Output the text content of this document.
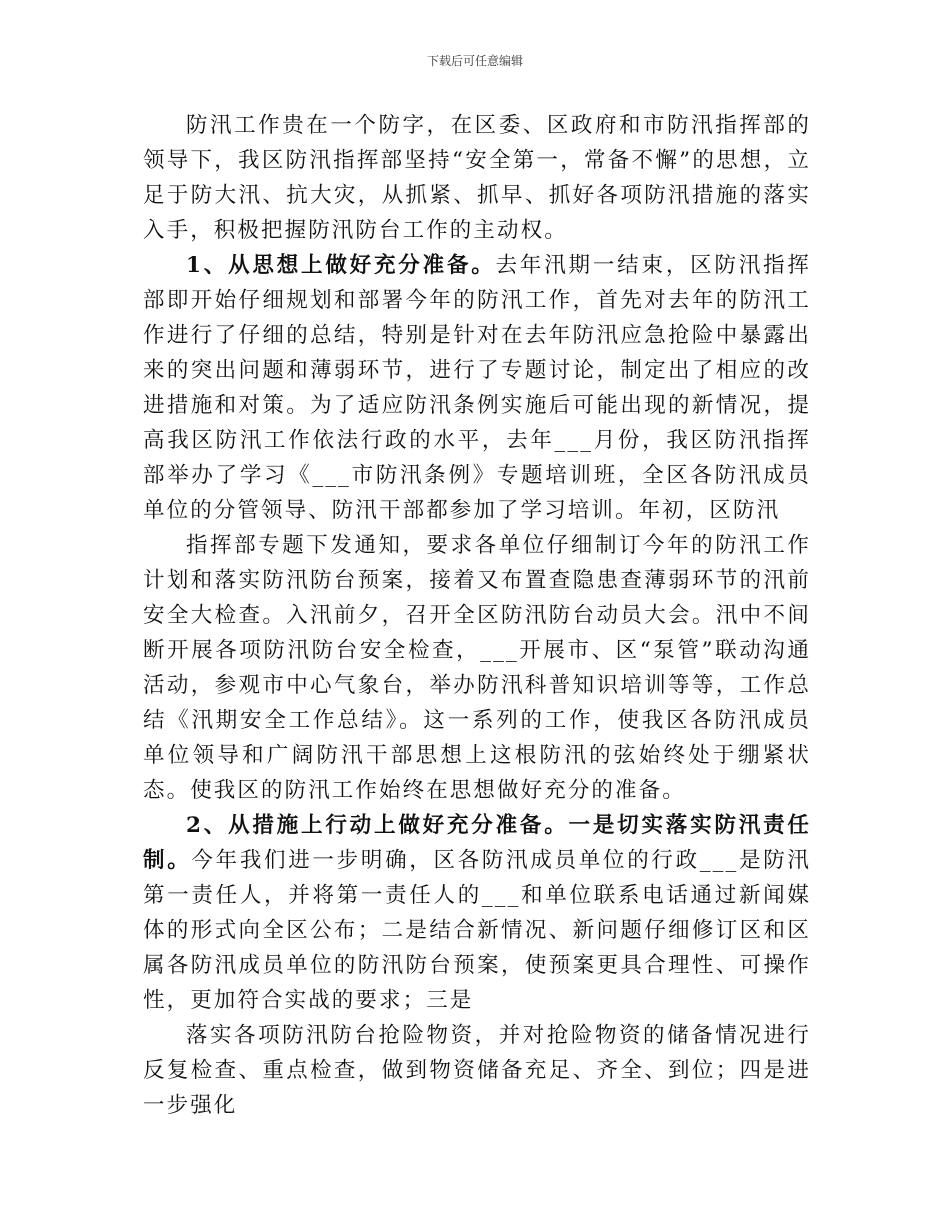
下载后可任意编辑

防汛工作贵在一个防字，在区委、区政府和市防汛指挥部的领导下，我区防汛指挥部坚持“安全第一，常备不懈”的思想，立足于防大汛、抗大灾，从抓紧、抓早、抓好各项防汛措施的落实入手，积极把握防汛防台工作的主动权。

1、从思想上做好充分准备。去年汛期一结束，区防汛指挥部即开始仔细规划和部署今年的防汛工作，首先对去年的防汛工作进行了仔细的总结，特别是针对在去年防汛应急抢险中暴露出来的突出问题和薄弱环节，进行了专题讨论，制定出了相应的改进措施和对策。为了适应防汛条例实施后可能出现的新情况，提高我区防汛工作依法行政的水平，去年___月份，我区防汛指挥部举办了学习《___市防汛条例》专题培训班，全区各防汛成员单位的分管领导、防汛干部都参加了学习培训。年初，区防汛

指挥部专题下发通知，要求各单位仔细制订今年的防汛工作计划和落实防汛防台预案，接着又布置查隐患查薄弱环节的汛前安全大检查。入汛前夕，召开全区防汛防台动员大会。汛中不间断开展各项防汛防台安全检查，___开展市、区“泵管”联动沟通活动，参观市中心气象台，举办防汛科普知识培训等等，工作总结《汛期安全工作总结》。这一系列的工作，使我区各防汛成员单位领导和广阔防汛干部思想上这根防汛的弦始终处于绷紧状态。使我区的防汛工作始终在思想做好充分的准备。

2、从措施上行动上做好充分准备。一是切实落实防汛责任制。今年我们进一步明确，区各防汛成员单位的行政___是防汛第一责任人，并将第一责任人的___和单位联系电话通过新闻媒体的形式向全区公布；二是结合新情况、新问题仔细修订区和区属各防汛成员单位的防汛防台预案，使预案更具合理性、可操作性，更加符合实战的要求；三是

落实各项防汛防台抢险物资，并对抢险物资的储备情况进行反复检查、重点检查，做到物资储备充足、齐全、到位；四是进一步强化
